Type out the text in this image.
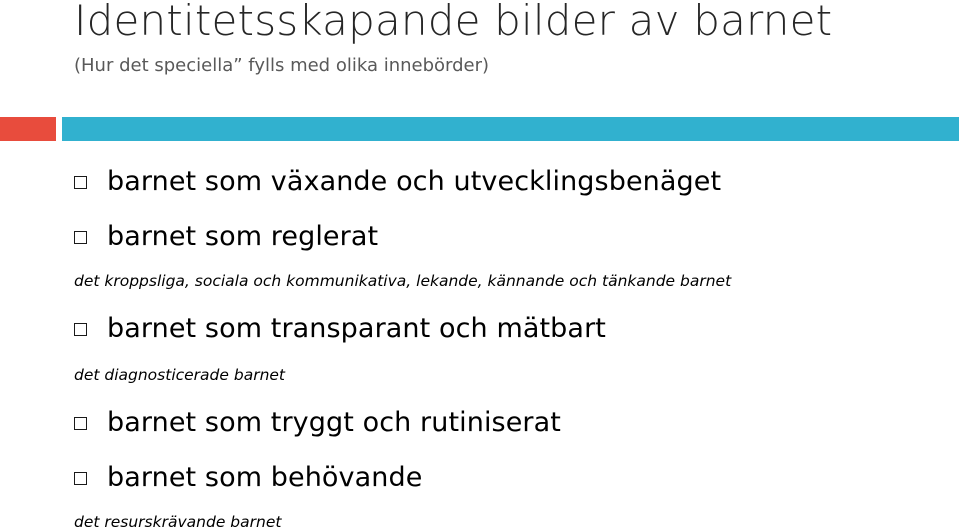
Identitetsskapande bilder av barnet
(Hur det speciella” fylls med olika innebörder)
barnet som växande och utvecklingsbenäget
barnet som reglerat
det kroppsliga, sociala och kommunikativa, lekande, kännande och tänkande barnet
barnet som transparant och mätbart
det diagnosticerade barnet
barnet som tryggt och rutiniserat
barnet som behövande
det resurskrävande barnet
